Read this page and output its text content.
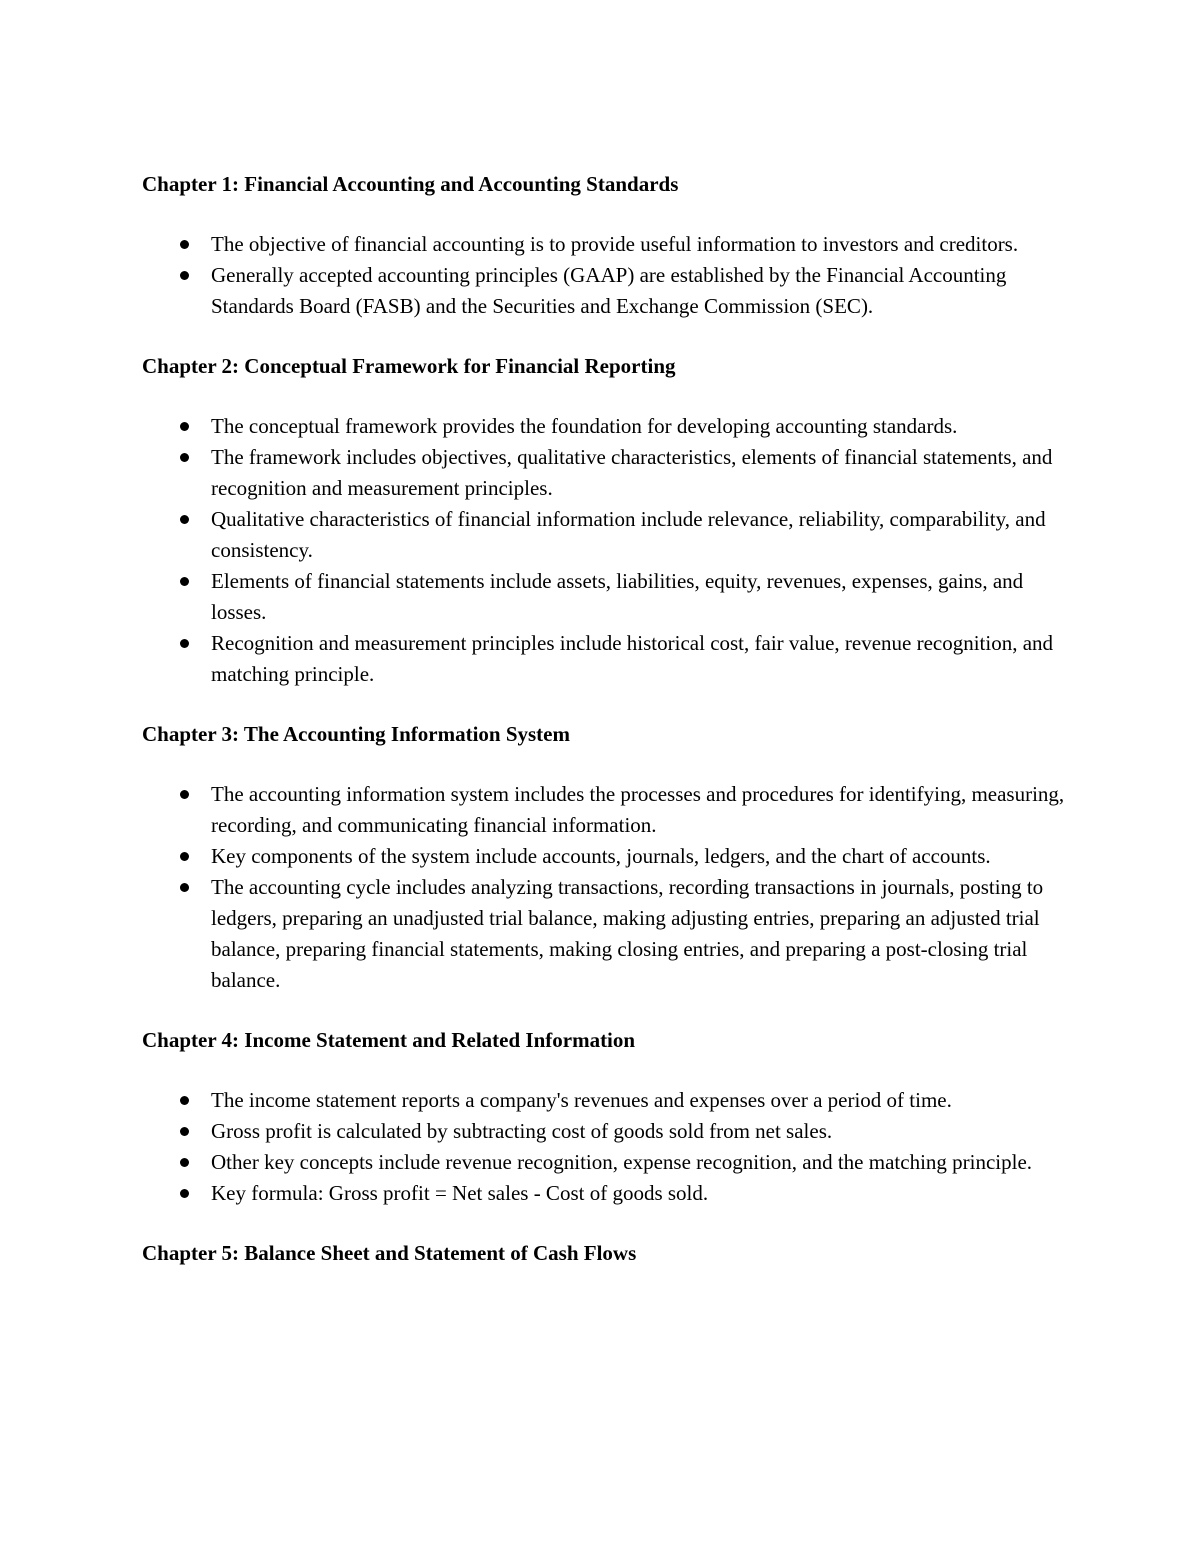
Chapter 1: Financial Accounting and Accounting Standards
The objective of financial accounting is to provide useful information to investors and creditors.
Generally accepted accounting principles (GAAP) are established by the Financial Accounting Standards Board (FASB) and the Securities and Exchange Commission (SEC).
Chapter 2: Conceptual Framework for Financial Reporting
The conceptual framework provides the foundation for developing accounting standards.
The framework includes objectives, qualitative characteristics, elements of financial statements, and recognition and measurement principles.
Qualitative characteristics of financial information include relevance, reliability, comparability, and consistency.
Elements of financial statements include assets, liabilities, equity, revenues, expenses, gains, and losses.
Recognition and measurement principles include historical cost, fair value, revenue recognition, and matching principle.
Chapter 3: The Accounting Information System
The accounting information system includes the processes and procedures for identifying, measuring, recording, and communicating financial information.
Key components of the system include accounts, journals, ledgers, and the chart of accounts.
The accounting cycle includes analyzing transactions, recording transactions in journals, posting to ledgers, preparing an unadjusted trial balance, making adjusting entries, preparing an adjusted trial balance, preparing financial statements, making closing entries, and preparing a post-closing trial balance.
Chapter 4: Income Statement and Related Information
The income statement reports a company's revenues and expenses over a period of time.
Gross profit is calculated by subtracting cost of goods sold from net sales.
Other key concepts include revenue recognition, expense recognition, and the matching principle.
Key formula: Gross profit = Net sales - Cost of goods sold.
Chapter 5: Balance Sheet and Statement of Cash Flows
